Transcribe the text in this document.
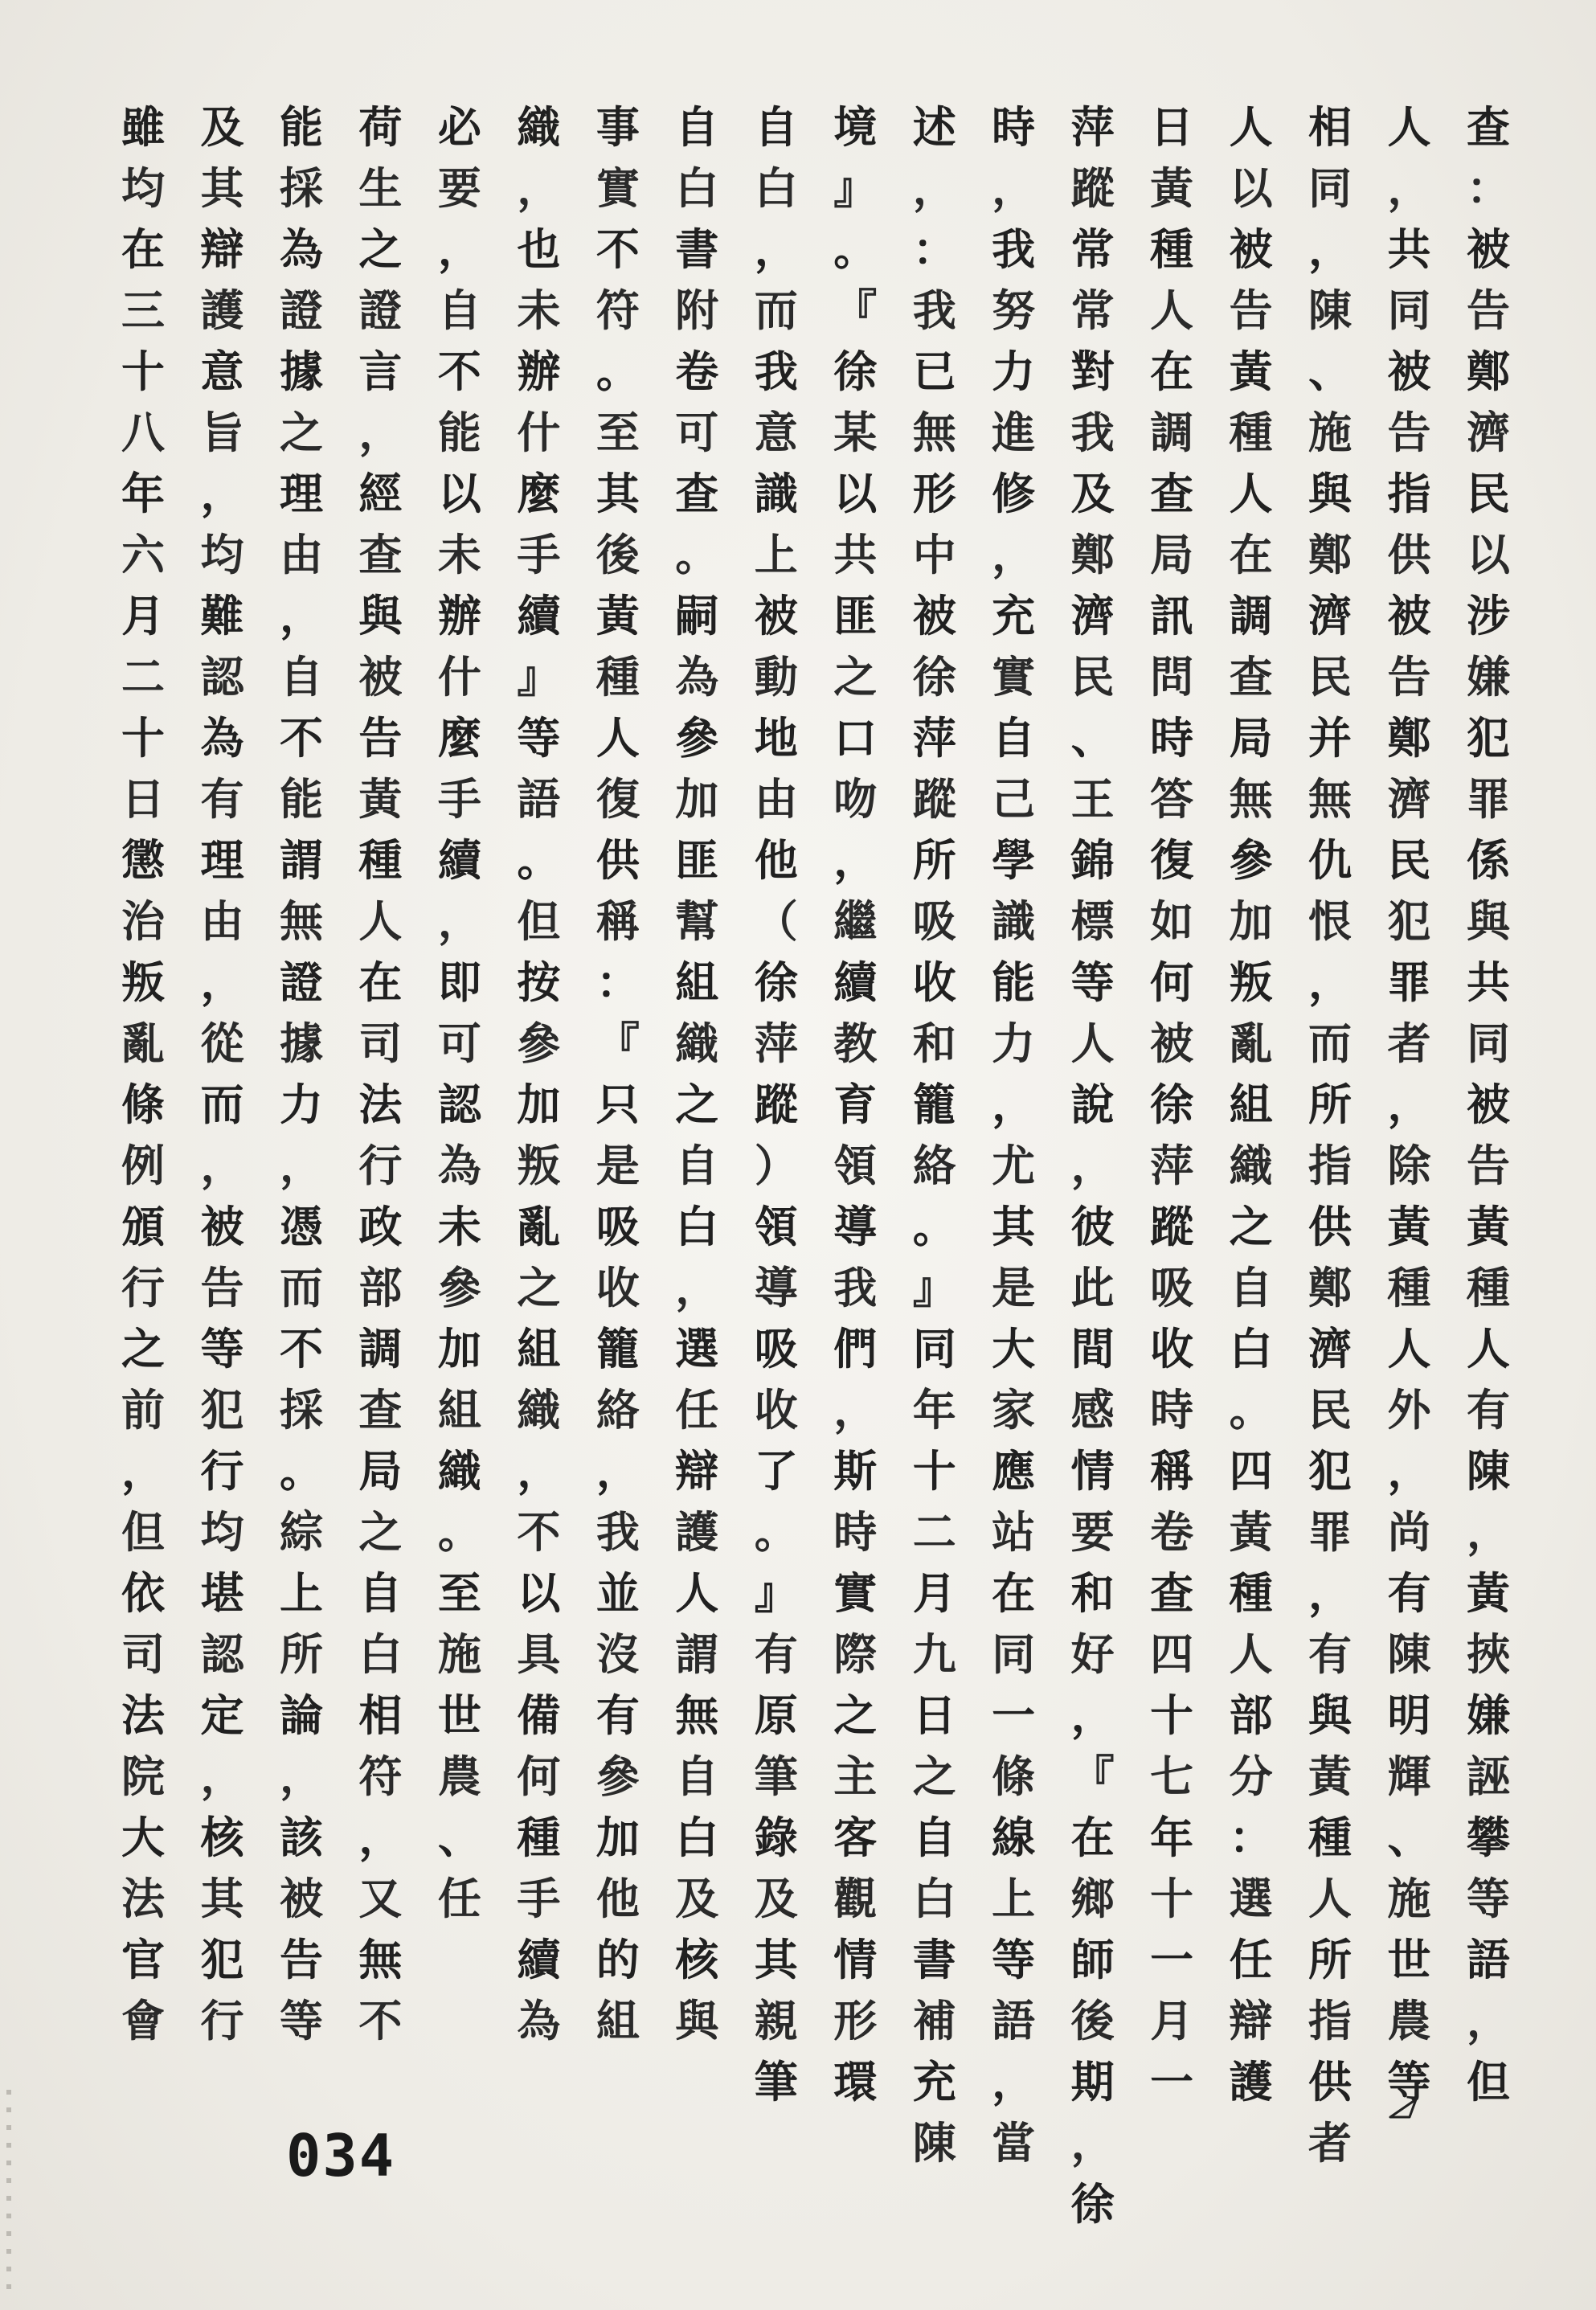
查
：
被
告
鄭
濟
民
以
涉
嫌
犯
罪
係
與
共
同
被
告
黃
種
人
有
陳
，
黃
挾
嫌
誣
攀
等
語
，
但
人
，
共
同
被
告
指
供
被
告
鄭
濟
民
犯
罪
者
，
除
黃
種
人
外
，
尚
有
陳
明
輝
、
施
世
農
等
相
同
，
陳
、
施
與
鄭
濟
民
并
無
仇
恨
，
而
所
指
供
鄭
濟
民
犯
罪
，
有
與
黃
種
人
所
指
供
者
人
以
被
告
黃
種
人
在
調
查
局
無
參
加
叛
亂
組
織
之
自
白
。
四
黃
種
人
部
分
：
選
任
辯
護
日
黃
種
人
在
調
查
局
訊
問
時
答
復
如
何
被
徐
萍
蹤
吸
收
時
稱
卷
查
四
十
七
年
十
一
月
一
萍
蹤
常
常
對
我
及
鄭
濟
民
、
王
錦
標
等
人
說
，
彼
此
間
感
情
要
和
好
，
『
在
鄉
師
後
期
，
徐
時
，
我
努
力
進
修
，
充
實
自
己
學
識
能
力
，
尤
其
是
大
家
應
站
在
同
一
條
線
上
等
語
，
當
述
，
：
我
已
無
形
中
被
徐
萍
蹤
所
吸
收
和
籠
絡
。
』
同
年
十
二
月
九
日
之
自
白
書
補
充
陳
境
』
。
『
徐
某
以
共
匪
之
口
吻
，
繼
續
教
育
領
導
我
們
，
斯
時
實
際
之
主
客
觀
情
形
環
自
白
，
而
我
意
識
上
被
動
地
由
他
（
徐
萍
蹤
）
領
導
吸
收
了
。
』
有
原
筆
錄
及
其
親
筆
自
白
書
附
卷
可
查
。
嗣
為
參
加
匪
幫
組
織
之
自
白
，
選
任
辯
護
人
謂
無
自
白
及
核
與
事
實
不
符
。
至
其
後
黃
種
人
復
供
稱
：
『
只
是
吸
收
籠
絡
，
我
並
沒
有
參
加
他
的
組
織
，
也
未
辦
什
麼
手
續
』
等
語
。
但
按
參
加
叛
亂
之
組
織
，
不
以
具
備
何
種
手
續
為
必
要
，
自
不
能
以
未
辦
什
麼
手
續
，
即
可
認
為
未
參
加
組
織
。
至
施
世
農
、
任
荷
生
之
證
言
，
經
查
與
被
告
黃
種
人
在
司
法
行
政
部
調
查
局
之
自
白
相
符
，
又
無
不
能
採
為
證
據
之
理
由
，
自
不
能
謂
無
證
據
力
，
憑
而
不
採
。
綜
上
所
論
，
該
被
告
等
及
其
辯
護
意
旨
，
均
難
認
為
有
理
由
，
從
而
，
被
告
等
犯
行
均
堪
認
定
，
核
其
犯
行
雖
均
在
三
十
八
年
六
月
二
十
日
懲
治
叛
亂
條
例
頒
行
之
前
，
但
依
司
法
院
大
法
官
會
034
